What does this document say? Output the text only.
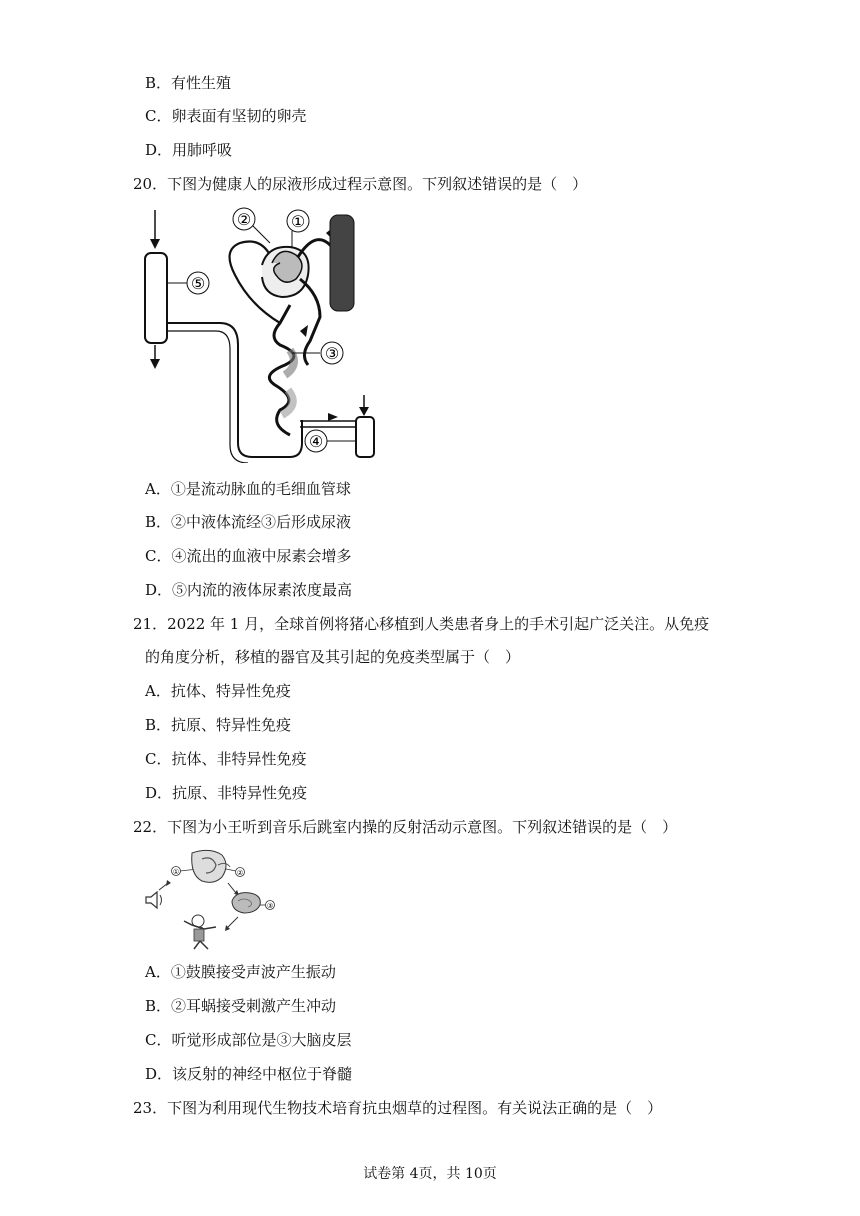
B．有性生殖
C．卵表面有坚韧的卵壳
D．用肺呼吸
20．下图为健康人的尿液形成过程示意图。下列叙述错误的是（　）
①
②
③
④
⑤
A．①是流动脉血的毛细血管球
B．②中液体流经③后形成尿液
C．④流出的血液中尿素会增多
D．⑤内流的液体尿素浓度最高
21．2022 年 1 月，全球首例将猪心移植到人类患者身上的手术引起广泛关注。从免疫
的角度分析，移植的器官及其引起的免疫类型属于（　）
A．抗体、特异性免疫
B．抗原、特异性免疫
C．抗体、非特异性免疫
D．抗原、非特异性免疫
22．下图为小王听到音乐后跳室内操的反射活动示意图。下列叙述错误的是（　）
①	②
③
A．①鼓膜接受声波产生振动
B．②耳蜗接受刺激产生冲动
C．听觉形成部位是③大脑皮层
D．该反射的神经中枢位于脊髓
23．下图为利用现代生物技术培育抗虫烟草的过程图。有关说法正确的是（　）
试卷第 4页，共 10页
